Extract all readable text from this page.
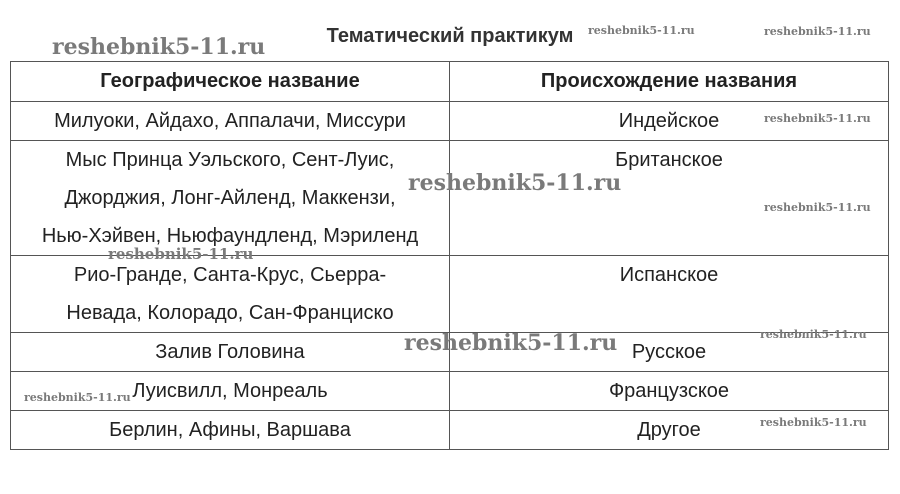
Тематический практикум
Географическое название	Происхождение названия

Милуоки, Айдахо, Аппалачи, Миссури	Индейское

Мыс Принца Уэльского, Сент-Луис,
Джорджия, Лонг-Айленд, Маккензи,
Нью-Хэйвен, Ньюфаундленд, Мэриленд	Британское

Рио-Гранде, Санта-Крус, Сьерра-
Невада, Колорадо, Сан-Франциско	Испанское

Залив Головина	Русское

Луисвилл, Монреаль	Французское

Берлин, Афины, Варшава	Другое
reshebnik5-11.ru
reshebnik5-11.ru	reshebnik5-11.ru
reshebnik5-11.ru
reshebnik5-11.ru
reshebnik5-11.ru
reshebnik5-11.ru
reshebnik5-11.ru
reshebnik5-11.ru
reshebnik5-11.ru
reshebnik5-11.ru
